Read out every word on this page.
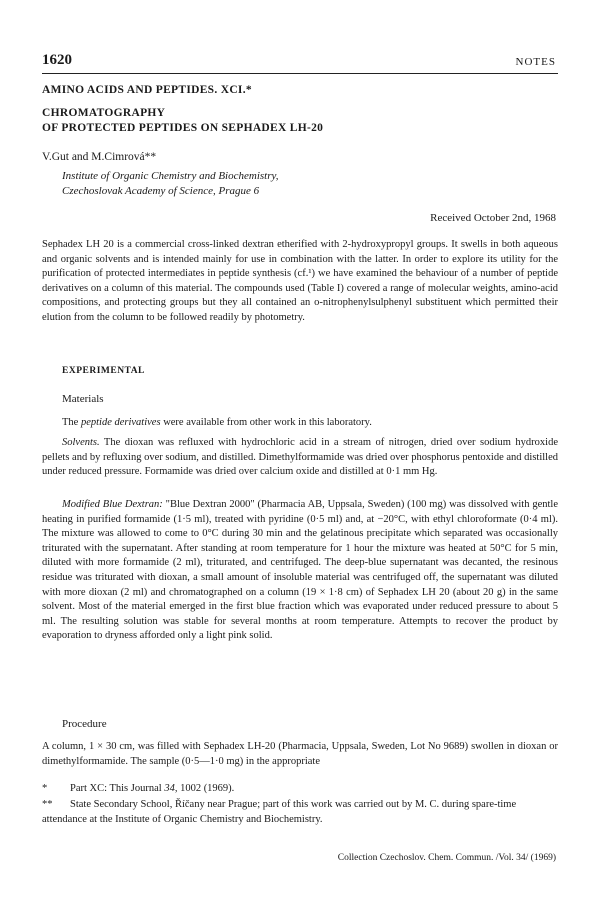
1620	NOTES
AMINO ACIDS AND PEPTIDES. XCI.*
CHROMATOGRAPHY
OF PROTECTED PEPTIDES ON SEPHADEX LH-20
V.Gut and M.Cimrová**
Institute of Organic Chemistry and Biochemistry,
Czechoslovak Academy of Science, Prague 6
Received October 2nd, 1968

Sephadex LH 20 is a commercial cross-linked dextran etherified with 2-hydroxypropyl groups. It swells in both aqueous and organic solvents and is intended mainly for use in combination with the latter. In order to explore its utility for the purification of protected intermediates in peptide synthesis (cf.¹) we have examined the behaviour of a number of peptide derivatives on a column of this material. The compounds used (Table I) covered a range of molecular weights, amino-acid compositions, and protecting groups but they all contained an o-nitrophenylsulphenyl substituent which permitted their elution from the column to be followed readily by photometry.

EXPERIMENTAL
Materials

The peptide derivatives were available from other work in this laboratory.

Solvents. The dioxan was refluxed with hydrochloric acid in a stream of nitrogen, dried over sodium hydroxide pellets and by refluxing over sodium, and distilled. Dimethylformamide was dried over phosphorus pentoxide and distilled under reduced pressure. Formamide was dried over calcium oxide and distilled at 0·1 mm Hg.

Modified Blue Dextran: "Blue Dextran 2000" (Pharmacia AB, Uppsala, Sweden) (100 mg) was dissolved with gentle heating in purified formamide (1·5 ml), treated with pyridine (0·5 ml) and, at −20°C, with ethyl chloroformate (0·4 ml). The mixture was allowed to come to 0°C during 30 min and the gelatinous precipitate which separated was occasionally triturated with the supernatant. After standing at room temperature for 1 hour the mixture was heated at 50°C for 5 min, diluted with more formamide (2 ml), triturated, and centrifuged. The deep-blue supernatant was decanted, the resinous residue was triturated with dioxan, a small amount of insoluble material was centrifuged off, the supernatant was diluted with more dioxan (2 ml) and chromatographed on a column (19 × 1·8 cm) of Sephadex LH 20 (about 20 g) in the same solvent. Most of the material emerged in the first blue fraction which was evaporated under reduced pressure to about 5 ml. The resulting solution was stable for several months at room temperature. Attempts to recover the product by evaporation to dryness afforded only a light pink solid.

Procedure

A column, 1 × 30 cm, was filled with Sephadex LH-20 (Pharmacia, Uppsala, Sweden, Lot No 9689) swollen in dioxan or dimethylformamide. The sample (0·5—1·0 mg) in the appropriate

* Part XC: This Journal 34, 1002 (1969).

** State Secondary School, Říčany near Prague; part of this work was carried out by M. C. during spare-time attendance at the Institute of Organic Chemistry and Biochemistry.

Collection Czechoslov. Chem. Commun. /Vol. 34/ (1969)
